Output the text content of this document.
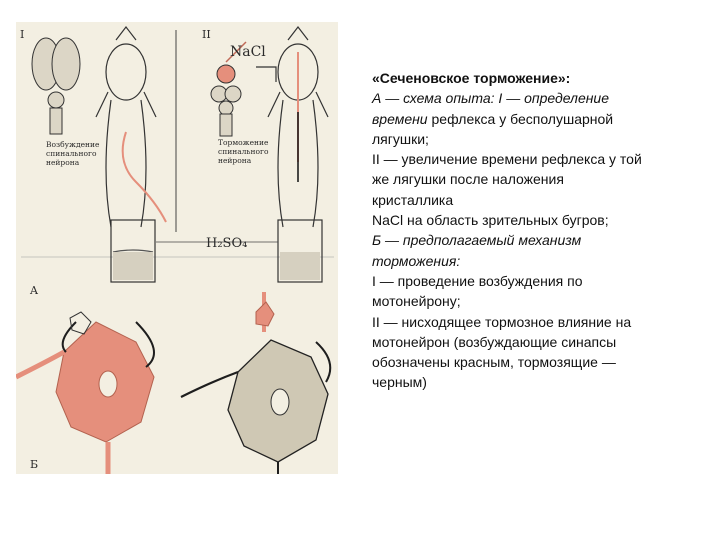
NaCl
H₂SO₄
I	II
A
Б
Возбуждение спинального нейрона
Торможение спинального нейрона

«Сеченовское торможение»:

А — схема опыта: I — определение

времени рефлекса у бесполушарной

лягушки;

II — увеличение времени рефлекса у той

же лягушки после наложения

кристаллика

NaCl на область зрительных бугров;

Б — предполагаемый механизм

торможения:

I — проведение возбуждения по

мотонейрону;

II — нисходящее тормозное влияние на

мотонейрон (возбуждающие синапсы

обозначены красным, тормозящие —

черным)
